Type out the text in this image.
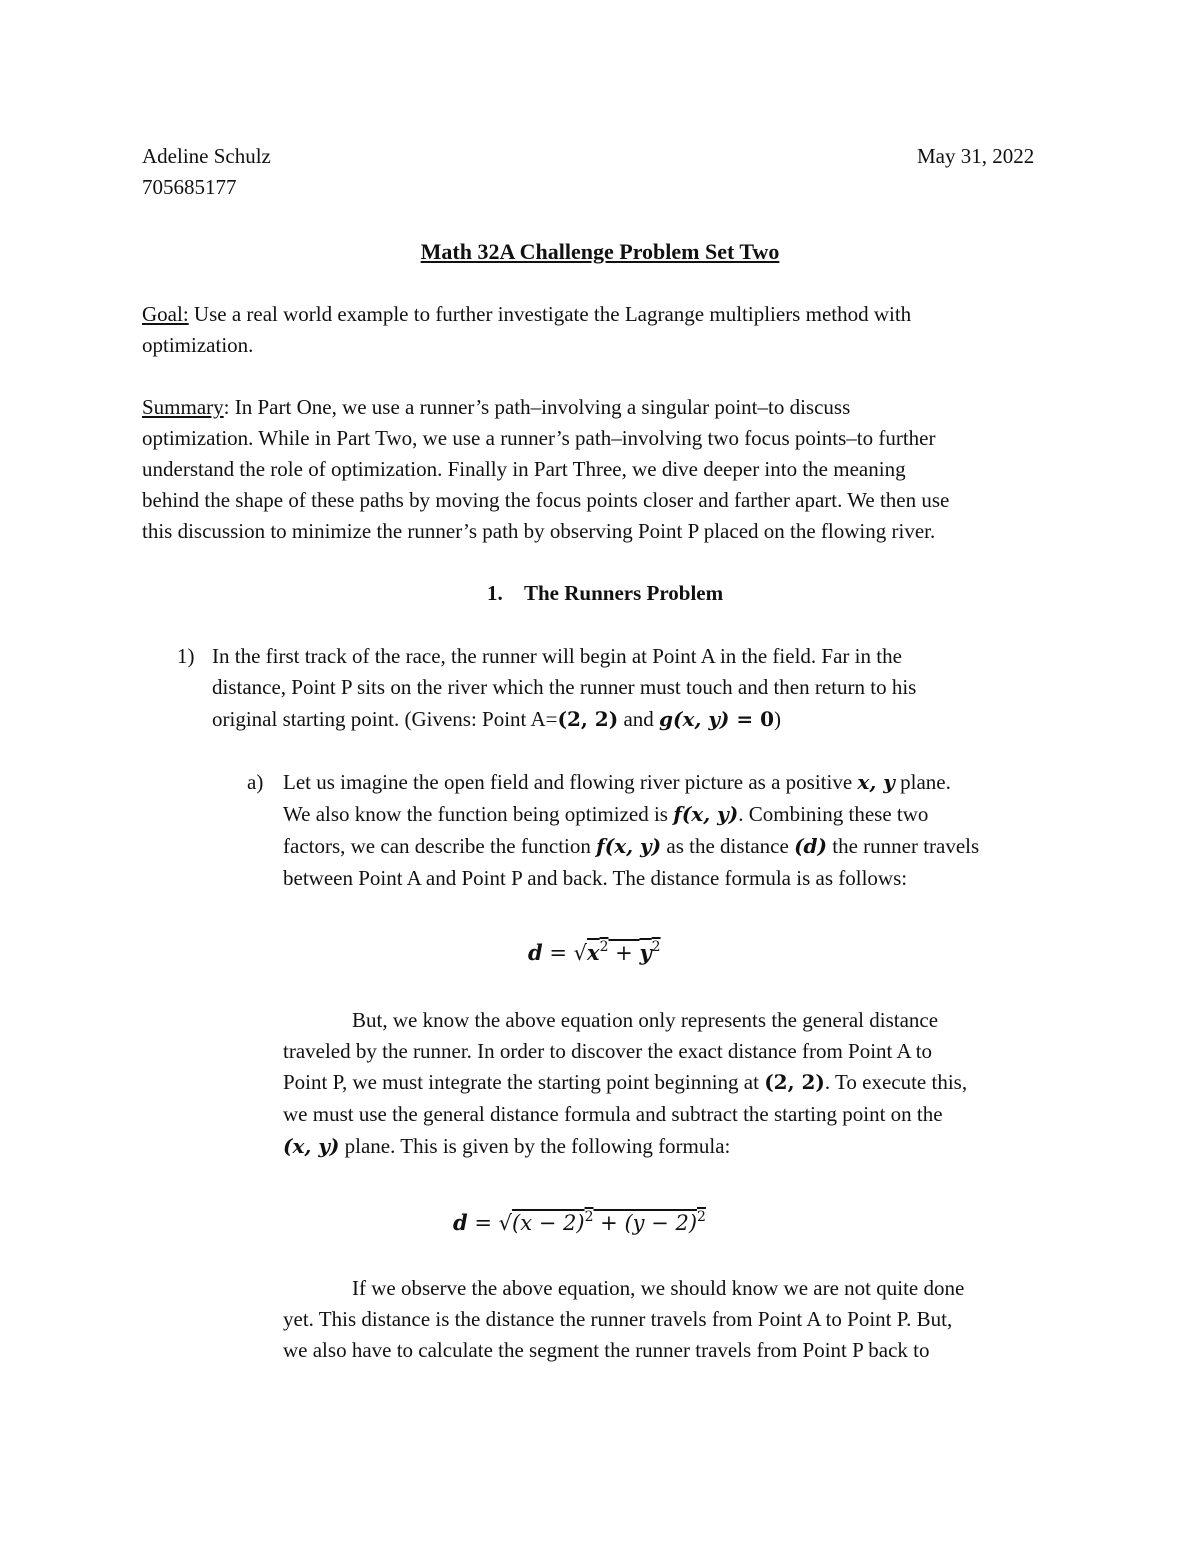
Adeline Schulz	May 31, 2022
705685177
Math 32A Challenge Problem Set Two
Goal: Use a real world example to further investigate the Lagrange multipliers method with
optimization.
Summary: In Part One, we use a runner’s path–involving a singular point–to discuss
optimization. While in Part Two, we use a runner’s path–involving two focus points–to further
understand the role of optimization. Finally in Part Three, we dive deeper into the meaning
behind the shape of these paths by moving the focus points closer and farther apart. We then use
this discussion to minimize the runner’s path by observing Point P placed on the flowing river.
1. The Runners Problem
1) In the first track of the race, the runner will begin at Point A in the field. Far in the
distance, Point P sits on the river which the runner must touch and then return to his
original starting point. (Givens: Point A=(2, 2) and g(x, y) = 0)
a) Let us imagine the open field and flowing river picture as a positive x, y plane.
We also know the function being optimized is f(x, y). Combining these two
factors, we can describe the function f(x, y) as the distance (d) the runner travels
between Point A and Point P and back. The distance formula is as follows:
$d = √x^2 + y^2$
But, we know the above equation only represents the general distance
traveled by the runner. In order to discover the exact distance from Point A to
Point P, we must integrate the starting point beginning at (2, 2). To execute this,
we must use the general distance formula and subtract the starting point on the
(x, y) plane. This is given by the following formula:
$d = √(x - 2)^2 + (y - 2)^2$
If we observe the above equation, we should know we are not quite done
yet. This distance is the distance the runner travels from Point A to Point P. But,
we also have to calculate the segment the runner travels from Point P back to
